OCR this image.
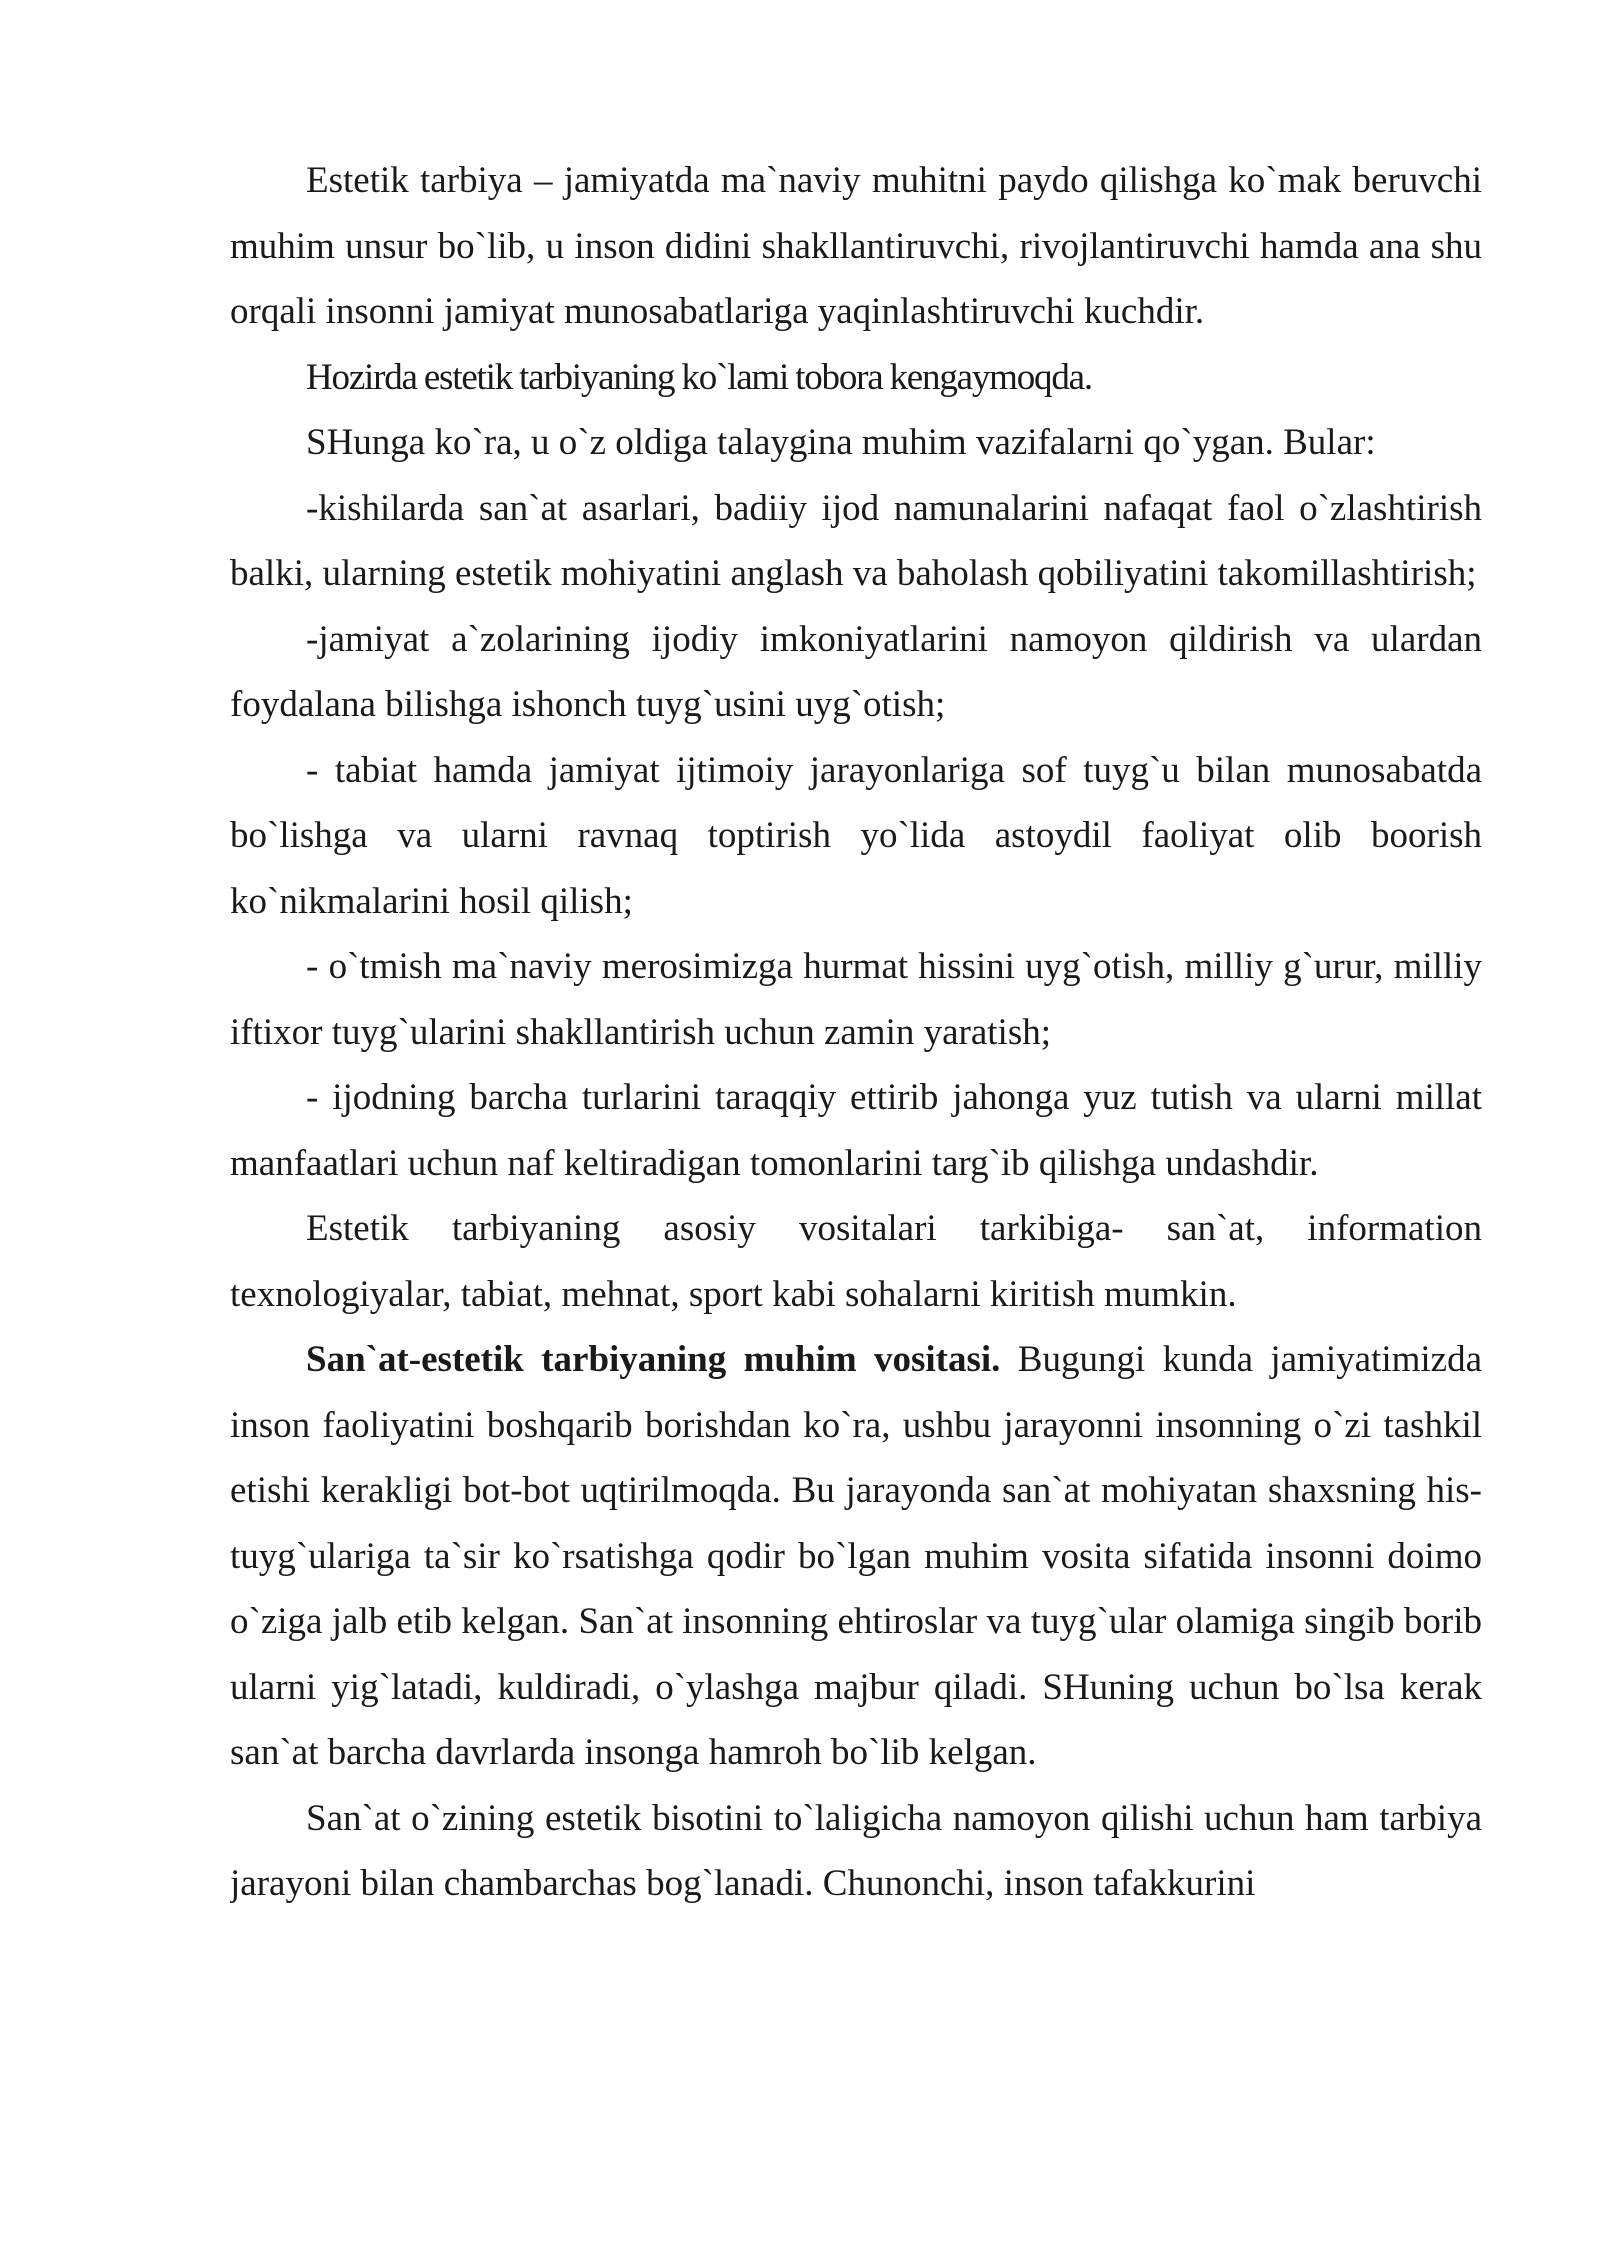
Estetik tarbiya – jamiyatda ma`naviy muhitni paydo qilishga ko`mak beruvchi muhim unsur bo`lib, u inson didini shakllantiruvchi, rivojlantiruvchi hamda ana shu orqali insonni jamiyat munosabatlariga yaqinlashtiruvchi kuchdir.

Hozirda estetik tarbiyaning ko`lami tobora kengaymoqda.

SHunga ko`ra, u o`z oldiga talaygina muhim vazifalarni qo`ygan. Bular:

-kishilarda san`at asarlari, badiiy ijod namunalarini nafaqat faol o`zlashtirish balki, ularning estetik mohiyatini anglash va baholash qobiliyatini takomillashtirish;

-jamiyat a`zolarining ijodiy imkoniyatlarini namoyon qildirish va ulardan foydalana bilishga ishonch tuyg`usini uyg`otish;

- tabiat hamda jamiyat ijtimoiy jarayonlariga sof tuyg`u bilan munosabatda bo`lishga va ularni ravnaq toptirish yo`lida astoydil faoliyat olib boorish ko`nikmalarini hosil qilish;

- o`tmish ma`naviy merosimizga hurmat hissini uyg`otish, milliy g`urur, milliy iftixor tuyg`ularini shakllantirish uchun zamin yaratish;

- ijodning barcha turlarini taraqqiy ettirib jahonga yuz tutish va ularni millat manfaatlari uchun naf keltiradigan tomonlarini targ`ib qilishga undashdir.

Estetik tarbiyaning asosiy vositalari tarkibiga- san`at, information texnologiyalar, tabiat, mehnat, sport kabi sohalarni kiritish mumkin.

San`at-estetik tarbiyaning muhim vositasi. Bugungi kunda jamiyatimizda inson faoliyatini boshqarib borishdan ko`ra, ushbu jarayonni insonning o`zi tashkil etishi kerakligi bot-bot uqtirilmoqda. Bu jarayonda san`at mohiyatan shaxsning his-tuyg`ulariga ta`sir ko`rsatishga qodir bo`lgan muhim vosita sifatida insonni doimo o`ziga jalb etib kelgan. San`at insonning ehtiroslar va tuyg`ular olamiga singib borib ularni yig`latadi, kuldiradi, o`ylashga majbur qiladi. SHuning uchun bo`lsa kerak san`at barcha davrlarda insonga hamroh bo`lib kelgan.

San`at o`zining estetik bisotini to`laligicha namoyon qilishi uchun ham tarbiya jarayoni bilan chambarchas bog`lanadi. Chunonchi, inson tafakkurini
